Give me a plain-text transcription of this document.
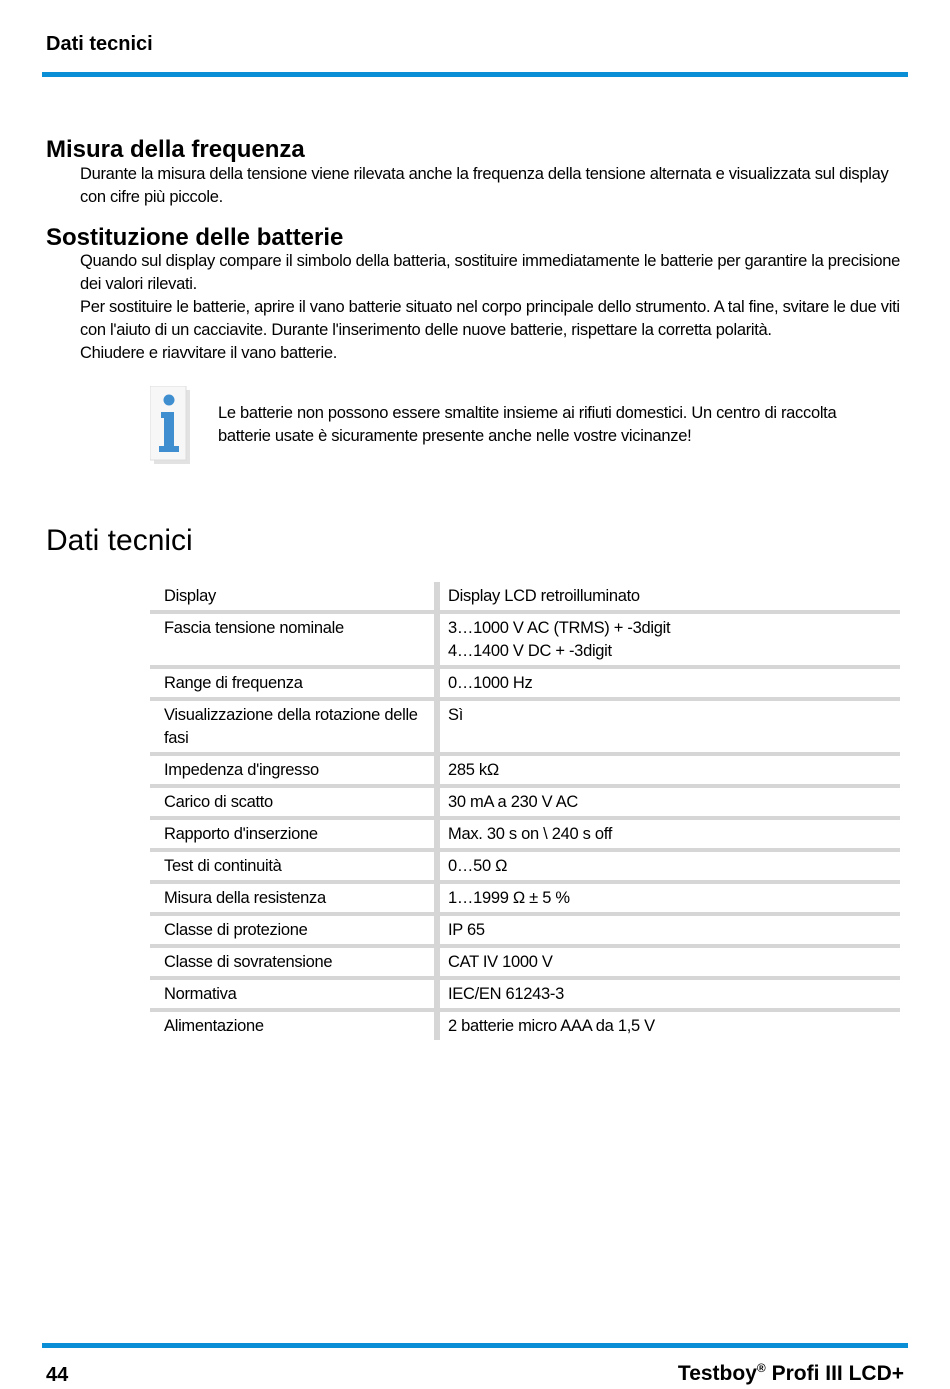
Dati tecnici
Misura della frequenza

Durante la misura della tensione viene rilevata anche la frequenza della tensione alternata e visualizzata sul display con cifre più piccole.

Sostituzione delle batterie

Quando sul display compare il simbolo della batteria, sostituire immediatamente le batterie per garantire la precisione dei valori rilevati.

Per sostituire le batterie, aprire il vano batterie situato nel corpo principale dello strumento. A tal fine, svitare le due viti con l'aiuto di un cacciavite. Durante l'inserimento delle nuove batterie, rispettare la corretta polarità.

Chiudere e riavvitare il vano batterie.

Le batterie non possono essere smaltite insieme ai rifiuti domestici. Un centro di raccolta batterie usate è sicuramente presente anche nelle vostre vicinanze!
Dati tecnici
Display	Display LCD retroilluminato
Fascia tensione nominale	3…1000 V AC (TRMS) + -3digit
4…1400 V DC + -3digit

Range di frequenza	0…1000 Hz
Visualizzazione della rotazione delle fasi	Sì
Impedenza d'ingresso	285 kΩ
Carico di scatto	30 mA a 230 V AC
Rapporto d'inserzione	Max. 30 s on \ 240 s off
Test di continuità	0…50 Ω
Misura della resistenza	1…1999 Ω ± 5 %
Classe di protezione	IP 65
Classe di sovratensione	CAT IV 1000 V
Normativa	IEC/EN 61243-3
Alimentazione	2 batterie micro AAA da 1,5 V
44	Testboy® Profi III LCD+
